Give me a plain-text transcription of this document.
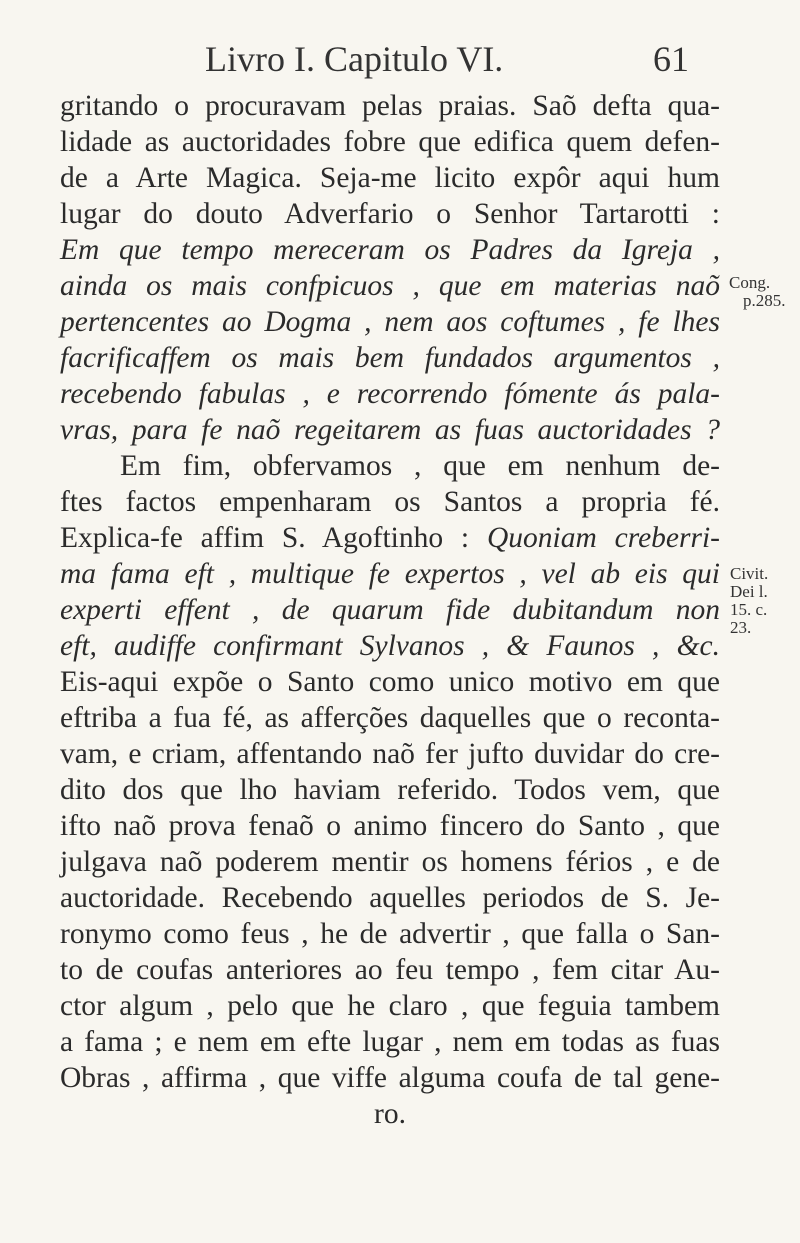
Livro I. Capitulo VI.	61
gritando o procuravam pelas praias. Saõ defta qua-
lidade as auctoridades fobre que edifica quem defen-
de a Arte Magica. Seja-me licito expôr aqui hum
lugar do douto Adverfario o Senhor Tartarotti :
Em que tempo mereceram os Padres da Igreja ,
ainda os mais confpicuos , que em materias naõ
pertencentes ao Dogma , nem aos coftumes , fe lhes
facrificaffem os mais bem fundados argumentos ,
recebendo fabulas , e recorrendo fómente ás pala-
vras, para fe naõ regeitarem as fuas auctoridades ?
Em fim, obfervamos , que em nenhum de-
ftes factos empenharam os Santos a propria fé.
Explica-fe affim S. Agoftinho : Quoniam creberri-
ma fama eft , multique fe expertos , vel ab eis qui
experti effent , de quarum fide dubitandum non
eft, audiffe confirmant Sylvanos , & Faunos , &c.
Eis-aqui expõe o Santo como unico motivo em que
eftriba a fua fé, as afferções daquelles que o reconta-
vam, e criam, affentando naõ fer jufto duvidar do cre-
dito dos que lho haviam referido. Todos vem, que
ifto naõ prova fenaõ o animo fincero do Santo , que
julgava naõ poderem mentir os homens férios , e de
auctoridade. Recebendo aquelles periodos de S. Je-
ronymo como feus , he de advertir , que falla o San-
to de coufas anteriores ao feu tempo , fem citar Au-
ctor algum , pelo que he claro , que feguia tambem
a fama ; e nem em efte lugar , nem em todas as fuas
Obras , affirma , que viffe alguma coufa de tal gene-
ro.
Cong.
p.285.
Civit.
Dei l.
15. c.
23.
